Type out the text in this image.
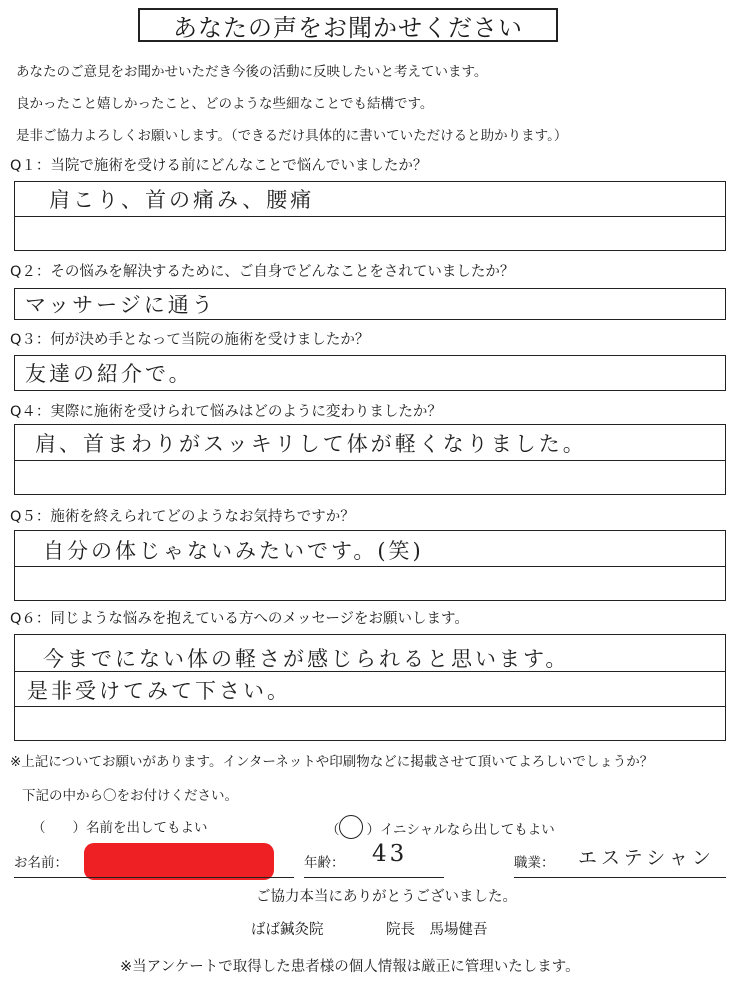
あなたの声をお聞かせください
あなたのご意見をお聞かせいただき今後の活動に反映したいと考えています。
良かったこと嬉しかったこと、どのような些細なことでも結構です。
是非ご協力よろしくお願いします。（できるだけ具体的に書いていただけると助かります。）
Q１：当院で施術を受ける前にどんなことで悩んでいましたか？
肩こり、首の痛み、腰痛
Q２：その悩みを解決するために、ご自身でどんなことをされていましたか？
マッサージに通う
Q３：何が決め手となって当院の施術を受けましたか？
友達の紹介で。
Q４：実際に施術を受けられて悩みはどのように変わりましたか？
肩、首まわりがスッキリして体が軽くなりました。
Q５：施術を終えられてどのようなお気持ちですか？
自分の体じゃないみたいです。(笑)
Q６：同じような悩みを抱えている方へのメッセージをお願いします。
今までにない体の軽さが感じられると思います。
是非受けてみて下さい。
※上記についてお願いがあります。インターネットや印刷物などに掲載させて頂いてよろしいでしょうか？
下記の中から〇をお付けください。
（　　）名前を出してもよい	（　　）イニシャルなら出してもよい
お名前：	年齢： 43	職業： エステシャン
ご協力本当にありがとうございました。
ばば鍼灸院	院長　馬場健吾
※当アンケートで取得した患者様の個人情報は厳正に管理いたします。
